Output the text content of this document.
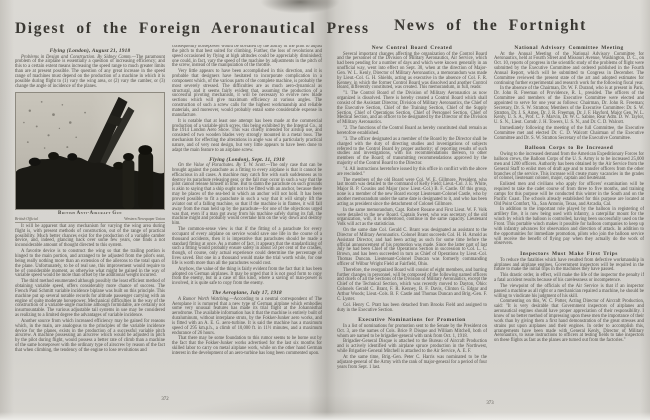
Digest of the Foreign Aeronautical Press
Flying (London), August 21, 1918

Problems in Design and Construction. By Sidney Camm.—The paramount problem of the airplane is essentially a question of increasing efficiency; and this to a certain extent means increasing the speed range to much greater limits than are at present possible. The question of any great increase in the speed range of machines must depend on the production of a machine in which it is possible during flight to (1) vary the wing area, or (2) vary the camber, or (3) change the angle of incidence of the planes.

British Anti-Aircraft Gun
British Official	Western Newspaper Union

It will be apparent that any mechanism for varying the wing area during flight is, with present methods of construction, out of the range of practical possibility. Much better chances exist for the production of a variable camber device, and, indeed, glancing back over some few years, one finds a not inconsiderable amount of thought directed to this system.

A favorite device is to construct the wing so that the trailing portion is hinged to the main portion, and arranged to be adjusted from the pilot's seat, being really nothing more than an extension of the ailerons to the total span of the plane. Unfortunately, to be of real use, this improvement would require to be of considerable moment, as otherwise what might be gained in the way of variable speed would be more than offset by the additional weight incurred.

The third method enumerated although possibly the least efficient method of obtaining variable speed, offers considerably more chance of success. The French Paul Schmitt variable incidence biplane was built on this principle. This machine put up several notable records for altitude passenger carrying with an engine of quite moderate horsepower. Mechanical difficulties in the way of the construction of a variable-angle machine although formidable, are certainly not insurmountable. The various adjustable tail systems in use may be considered as realizing to a limited degree the advantages of variable incidence.

Another source from which increased efficiency may be gained for reasons which, in the main, are analogous to the principles of the variable incidence device for the planes, exists in the production of a successful variable pitch airscrew. A machine possessing an airscrew which would be adjusted in pitch by the pilot during flight, would possess a better rate of climb than a machine of the same horsepower with the ordinary type of airscrew by reason of the fact that when climbing, the tendency of the engine to lose revolutions and

consequently horsepower would be obviated by the ability of the pilot to adjust the pitch to that best suited for climbing. Further, the loss of revolutions and speed occasioned by flying at high altitudes could be appreciably diminished; one could, in fact, vary the speed of the machine by adjustments in the pitch of the screw, instead of the manipulation of the throttle.

Very little appears to have been accomplished in this direction, and it is probable that designers have hesitated to incorporate complication in a component which, of the various parts of the complete machine, is probably the most severely stressed. The difficulties are as much aero-dynamical as structural, and it seems fairly evident that, assuming the production of a successful pivoting mechanism, it will be necessary to evolve new blade sections which will give maximum efficiency at various angles. The construction of such a screw calls for the highest workmanship and reliable materials, and moreover, would probably entail some considerable expense in manufacture.

It is notable that at least one attempt has been made at the commercial production of a variable-pitch screw, this being exhibited by the Integral Co., at the 1914 London Aero Show. This was chiefly intended for airship use, and consisted of two wooden blades very strongly mounted in a metal boss. The mechanism for effecting the alterations in angle was of a particularly practical nature, and of very neat design, but very little appears to have been done to adapt the main feature to an airplane screw.

Flying (London), Sept. 11, 1918

On the Value of Parachutes. By T. W. Scott.—The only case that can be brought against the parachute as a fitting to every airplane is that it cannot be efficacious in all cases. A machine may catch fire with such suddenness as to destroy its parachute releasing gear, or the fall may occur in such a way that the pilot cannot release himself in time. But to damn the parachute on such grounds is akin to saying that a ship ought not to be fitted with an anchor, because there may be places of the sea-bed in which an anchor will not hold. It has been proved possible to fit a parachute in such a way that it will simply lift the aviator out of a falling machine, so that if the machine is in flames, it will fall away from the man held up by the parachute—for one of the objections urged was that, even if a man got away from his machine safely during its fall, the machine might and probably would overtake him on the way down and destroy him.

The common-sense view is that if the fitting of a parachute for every occupant of every airplane on service would save one life in the course of a thousand accidents, then it is imperative that parachutes should be made a standard fitting at once. As a matter of fact, it appears that the standardizing of such a fitting would probably ensure safety in about 50 per cent of the crashes, though, of course, only actual experience could determine the percentage of lives saved. But one in a thousand would make the trial worth while, for one life is worth more than all the parachutes would cost.

Anyhow, the value of the thing is fairly evident from the fact that it has been adopted on German airplanes. It may be urged that it is not good form to copy from the enemy, but in a case of this kind, where a saving of man-power is involved, it is quite safe to copy from the enemy.

The Aeroplane, July 17, 1918

A Rumor Worth Watching.—According to a neutral correspondent of The Aeroplane it is rumored that a new type of German airplane which embodies some very unusual features has made its trial flight at the Johannisthal aerodrome. The available information has it that the machine is entirely built of duraluminum, without interplane struts, by the Fokker-Junker aero works, and is fitted with an A. E. G. aero-turbine. It is said the machine has a maximum speed of 295 km.p.h., a climb of 10,000 ft. in 11½ minutes, and a maximum endurance of 26 hours.

That there may be some foundation to this rumor seems to be borne out by the fact that the Fokker-Junker works advertised for the last six months for skilled labor to carry on metal airplane work, while on the other hand German interest in the development of an aero-turbine has long been commented upon.

372
News of the Fortnight
New Control Board Created

Several important changes affecting the organization of the Control Board and the personnel of the Division of Military Aeronautics, Air Service, which had been pending for a number of days and which were known generally in an unofficial way, went into effect on Sept. 30, when at the direction of Major-Gen. W. L. Kenly, Director of Military Aeronautics, a memorandum was made by Lieut.-Col. G. H. Shields, acting as executive in the absence of Col. F. R. Kenney, in which the former Control Board was dissolved and another Control Board, differently constituted, was created. This memorandum, in full, reads:

"1. The Control Board of the Division of Military Aeronautics as now organized is dissolved. There is hereby created a Control Board which shall consist of the Assistant Director, Division of Military Aeronautics, the Chief of the Executive Section, Chief of the Training Section, Chief of the Supply Section, Chief of Operations Section, Chief of Personnel Section, Chief of Medical Section, and an officer to be designated by the Director of the Division of Military Aeronautics.

"2. The functions of the Control Board as hereby constituted shall remain as heretofore established.

"3. The officer designated as a member of the Board by the Director shall be charged with the duty of directing studies and investigations of subjects referred to the Control Board by proper authority; of reporting results of such studies and investigations, with his recommendations thereon, to other members of the Board; of transmitting recommendations approved by the majority of the Control Board to the Director.

"4. All instructions heretofore issued by this office in conflict with the above are rescinded."

The members of the old Board were Col. W. E. Gillmore, President, who last month was detailed to the command of Kelly Field; Lieut.-Col. J. E. White, Major B. P. Cousins and Major (now Lieut.-Col.) B. F. Castle. Of this group, none is a member of the new Board except Lieutenant-Colonel Castle, who by another memorandum under the same date is designated to it, and who has been acting as president since the detachment of Colonel Gillmore.

In the same memorandum, Capt. Robert Rosane and First Lieut. W. F. Volk were detailed to the new Board. Captain Sweet, who was secretary of the old organization, will, it is understood, continue in the same capacity. Lieutenant Volk will act as the statistician.

On the same date Col. Gerald C. Brant was designated as assistant to the Director of Military Aeronautics. Colonel Brant succeeds Col. H. H. Arnold as Assistant Director, and had been acting as such for some time before the official announcement of his promotion was made. Since the latter part of last July he had been Chief of the Operations Section in succession to Col. L. C. Brown, and has been succeeded in turn as Chief of Operations by Lieut.-Col. Thomas Duncan. Lieutenant-Colonel Duncan was formerly commanding officer of Wilbur Wright Field at Fairfield, Ohio.

Therefore, the reorganized Board will consist of eight members, and barring further changes in personnel, will be composed of the following named officers and chiefs of all the Sections of the Division of Military Aeronautics, except the Chief of the Technical Section, which was recently moved to Dayton, Ohio: Colonels Gerald C. Brant, F. R. Kenney, B. F. Davis, Clinton G. Edgar and Arthur Woods; Lieut.-Cols. B. F. Castle and Thomas Duncan and Brig.-Gen. F. C. Lyster.

Col. Henry C. Pratt has been detached from Brooks Field and assigned to duty in the Executive Section.

Executive Nominations for Promotion

In a list of nominations for promotion sent to the Senate by the President on Oct. 3, are the names of Cols. Brice P. Disque and William Mitchell, both of whom are named to be brigadier-general with rank from Oct. 1, 1918.

Brigadier-General Disque is attached to the Bureau of Aircraft Production and is actively identified with airplane spruce production in the Northwest, while Brigadier-General Mitchell is attached to the Air Service, A. E. F.

At the same time, Brig.-Gen. Peter C. Harris was nominated to be the adjutant-general of the Army with the rank of major-general for a period of four years from Sept. 1 last.

National Advisory Committee Meeting

At the Annual Meeting of the National Advisory Committee for Aeronautics, held at Fourth Street and Missouri Avenue, Washington, D. C., on Oct. 10, reports of progress in the scientific study of the problems of flight were submitted by the Executive Committee and ordered published in the Fourth Annual Report, which will be submitted to Congress in December. The Committee reviewed the present state of the art and adopted estimates for continuing further experimental and research work for the following fiscal year.

In the absence of the Chairman, Dr. W. F. Durand, who is at present in Paris, Dr. John R. Freeman of Providence, R. I., presided. The officers of the Committee and members of the Executive Committee were elected and appointed to serve for one year as follows: Chairman, Dr. John R. Freeman; Secretary, Dr. S. W. Stratton; Members of the Executive Committee: Dr. S. W. Stratton, Dr. J. S. Ames, Dr. J. R. Freeman, Dr. J. F. Hayford, Major Gen. W. L. Kenly, U. S. A., Prof. C. F. Marvin, Dr. W. C. Sabine, Rear Adm. D. W. Taylor, U. S. N., Lieut. Comdr. J. H. Towers, U. S. N., and Dr. C. D. Walcott.

Immediately following the meeting of the full Committee, the Executive Committee met and elected Dr. C. D. Walcott Chairman of the Executive Committee and Dr. S. W. Stratton Secretary of the Executive Committee.

Balloon Corps to Be Increased

Owing to the increased demand from the American Expeditionary Forces for balloon crews, the Balloon Corps of the U. S. Army is to be increased 25,000 men and 1200 officers. Authority has been obtained by the Air Service from the General Staff to enlist men of draft age and to transfer officers from the other branches of the service. This increase will create many vacancies in the grades of colonel, lieutenant colonel, major, captain and lieutenant.

Enlisted men and civilians who apply for officers' examination will be required to take the cadet course of from three to five months, and training camps for this purpose will be conducted this winter in the South and on the Pacific Coast. The schools already established for this purpose are located at Old Point Comfort, Va., San Antonio, Texas, and Arcadia, Cal.

In addition to the important role played by the balloon in registering of artillery fire, it is now being used with infantry, a caterpillar mount for the winch by which the balloon is controlled, having been successfully used on the Front. This portable winch makes it possible for balloon companies to keep up with infantry advances for observation and direction of attack. In addition to the opportunities for immediate promotion, pilots who join the balloon service will receive the benefit of flying pay when they actually do the work of observers.

Inspectors Must Make First Trips

To reduce the fatalities which have resulted from defective workmanship in airplanes and airplane engines, Government inspectors will be required in the future to make the initial trips in the machines they have passed.

This drastic order, in effect, will make the life of the inspector the penalty if a fatal accident results because of his carelessness or incompetence.

The viewpoint of the officials of the Air Service is that if an inspector passed a machine as all right or a mechanician repaired a machine, he should be willing to vindicate his judgment of his skill.

Commenting on this, W. C. Potter, Acting Director of Aircraft Production, said: "It is very desirable that Government inspectors of airplanes and aeronautical engines should have proper appreciation of their responsibility. I know of no better method of impressing upon these men the importance of their work than by giving them a first hand demonstration of the great stresses and strains put upon airplanes and their engines. In order to accomplish this, arrangements have been made with General Kenly, Director of Military Aeronautics, to issue instructions to officers at testing fields to take inspectors on these flights as fast as the planes are turned out from the factories."

373
